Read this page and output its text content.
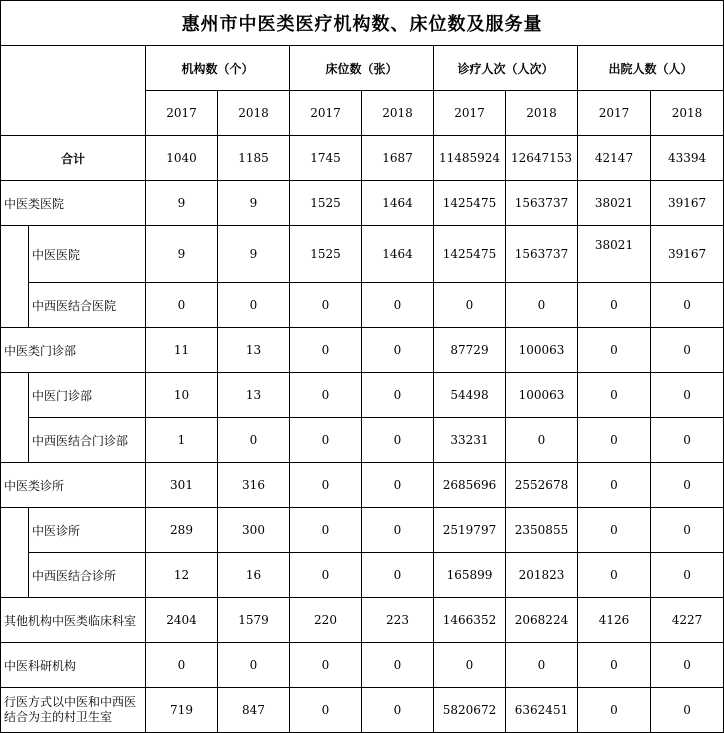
惠州市中医类医疗机构数、床位数及服务量									
		机构数（个）		床位数（张）		诊疗人次（人次）		出院人数（人）	
		2017	2018	2017	2018	2017	2018	2017	2018
合计		1040	1185	1745	1687	11485924	12647153	42147	43394
中医类医院		9	9	1525	1464	1425475	1563737	38021	39167
	中医医院	9	9	1525	1464	1425475	1563737	38021	39167
	中西医结合医院	0	0	0	0	0	0	0	0
中医类门诊部		11	13	0	0	87729	100063	0	0
	中医门诊部	10	13	0	0	54498	100063	0	0
	中西医结合门诊部	1	0	0	0	33231	0	0	0
中医类诊所		301	316	0	0	2685696	2552678	0	0
	中医诊所	289	300	0	0	2519797	2350855	0	0
	中西医结合诊所	12	16	0	0	165899	201823	0	0
其他机构中医类临床科室		2404	1579	220	223	1466352	2068224	4126	4227
中医科研机构		0	0	0	0	0	0	0	0
行医方式以中医和中西医结合为主的村卫生室		719	847	0	0	5820672	6362451	0	0
